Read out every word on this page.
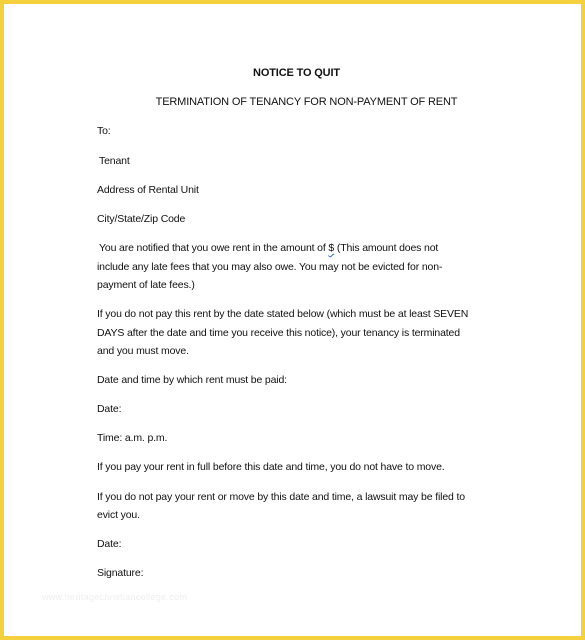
NOTICE TO QUIT
TERMINATION OF TENANCY FOR NON-PAYMENT OF RENT
To:
Tenant
Address of Rental Unit
City/State/Zip Code
You are notified that you owe rent in the amount of $ (This amount does not
include any late fees that you may also owe. You may not be evicted for non-
payment of late fees.)
If you do not pay this rent by the date stated below (which must be at least SEVEN
DAYS after the date and time you receive this notice), your tenancy is terminated
and you must move.
Date and time by which rent must be paid:
Date:
Time: a.m. p.m.
If you pay your rent in full before this date and time, you do not have to move.
If you do not pay your rent or move by this date and time, a lawsuit may be filed to
evict you.
Date:
Signature:
www.heritagechristiancollege.com
